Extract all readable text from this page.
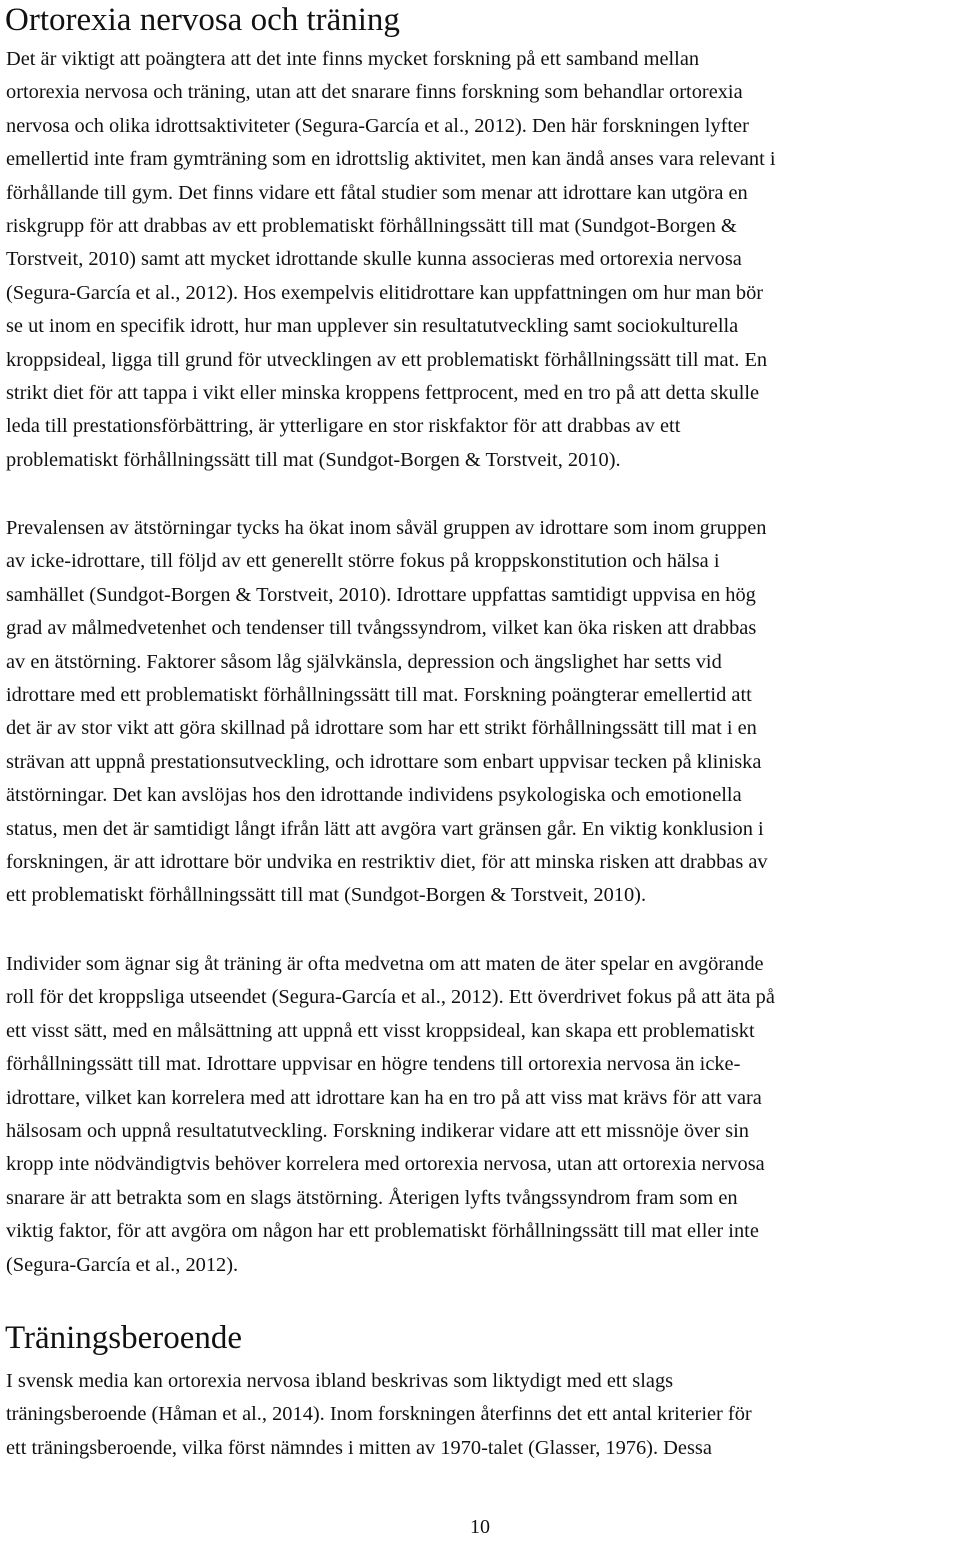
Ortorexia nervosa och träning
Det är viktigt att poängtera att det inte finns mycket forskning på ett samband mellan
ortorexia nervosa och träning, utan att det snarare finns forskning som behandlar ortorexia
nervosa och olika idrottsaktiviteter (Segura-García et al., 2012). Den här forskningen lyfter
emellertid inte fram gymträning som en idrottslig aktivitet, men kan ändå anses vara relevant i
förhållande till gym. Det finns vidare ett fåtal studier som menar att idrottare kan utgöra en
riskgrupp för att drabbas av ett problematiskt förhållningssätt till mat (Sundgot-Borgen &
Torstveit, 2010) samt att mycket idrottande skulle kunna associeras med ortorexia nervosa
(Segura-García et al., 2012). Hos exempelvis elitidrottare kan uppfattningen om hur man bör
se ut inom en specifik idrott, hur man upplever sin resultatutveckling samt sociokulturella
kroppsideal, ligga till grund för utvecklingen av ett problematiskt förhållningssätt till mat. En
strikt diet för att tappa i vikt eller minska kroppens fettprocent, med en tro på att detta skulle
leda till prestationsförbättring, är ytterligare en stor riskfaktor för att drabbas av ett
problematiskt förhållningssätt till mat (Sundgot-Borgen & Torstveit, 2010).
Prevalensen av ätstörningar tycks ha ökat inom såväl gruppen av idrottare som inom gruppen
av icke-idrottare, till följd av ett generellt större fokus på kroppskonstitution och hälsa i
samhället (Sundgot-Borgen & Torstveit, 2010). Idrottare uppfattas samtidigt uppvisa en hög
grad av målmedvetenhet och tendenser till tvångssyndrom, vilket kan öka risken att drabbas
av en ätstörning. Faktorer såsom låg självkänsla, depression och ängslighet har setts vid
idrottare med ett problematiskt förhållningssätt till mat. Forskning poängterar emellertid att
det är av stor vikt att göra skillnad på idrottare som har ett strikt förhållningssätt till mat i en
strävan att uppnå prestationsutveckling, och idrottare som enbart uppvisar tecken på kliniska
ätstörningar. Det kan avslöjas hos den idrottande individens psykologiska och emotionella
status, men det är samtidigt långt ifrån lätt att avgöra vart gränsen går. En viktig konklusion i
forskningen, är att idrottare bör undvika en restriktiv diet, för att minska risken att drabbas av
ett problematiskt förhållningssätt till mat (Sundgot-Borgen & Torstveit, 2010).
Individer som ägnar sig åt träning är ofta medvetna om att maten de äter spelar en avgörande
roll för det kroppsliga utseendet (Segura-García et al., 2012). Ett överdrivet fokus på att äta på
ett visst sätt, med en målsättning att uppnå ett visst kroppsideal, kan skapa ett problematiskt
förhållningssätt till mat. Idrottare uppvisar en högre tendens till ortorexia nervosa än icke-
idrottare, vilket kan korrelera med att idrottare kan ha en tro på att viss mat krävs för att vara
hälsosam och uppnå resultatutveckling. Forskning indikerar vidare att ett missnöje över sin
kropp inte nödvändigtvis behöver korrelera med ortorexia nervosa, utan att ortorexia nervosa
snarare är att betrakta som en slags ätstörning. Återigen lyfts tvångssyndrom fram som en
viktig faktor, för att avgöra om någon har ett problematiskt förhållningssätt till mat eller inte
(Segura-García et al., 2012).
Träningsberoende
I svensk media kan ortorexia nervosa ibland beskrivas som liktydigt med ett slags
träningsberoende (Håman et al., 2014). Inom forskningen återfinns det ett antal kriterier för
ett träningsberoende, vilka först nämndes i mitten av 1970-talet (Glasser, 1976). Dessa
10
